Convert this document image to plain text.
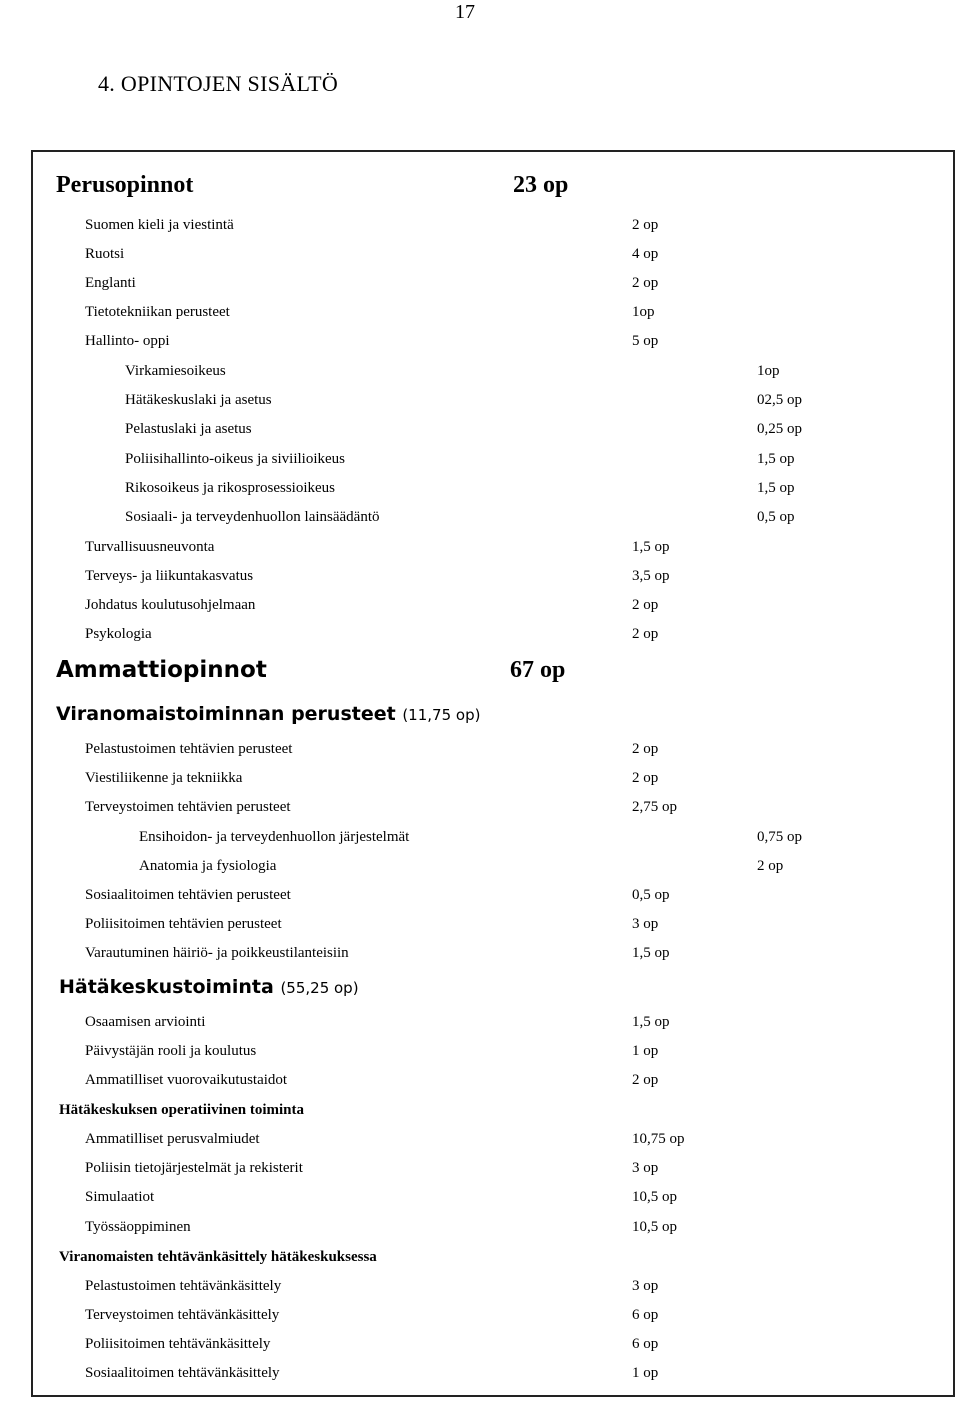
17
4. OPINTOJEN SISÄLTÖ
Perusopinnot	23 op
Suomen kieli ja viestintä	2 op
Ruotsi	4 op
Englanti	2 op
Tietotekniikan perusteet	1op
Hallinto- oppi	5 op
Virkamiesoikeus	1op
Hätäkeskuslaki ja asetus	02,5 op
Pelastuslaki ja asetus	0,25 op
Poliisihallinto-oikeus ja siviilioikeus	1,5 op
Rikosoikeus ja rikosprosessioikeus	1,5 op
Sosiaali- ja terveydenhuollon lainsäädäntö	0,5 op
Turvallisuusneuvonta	1,5 op
Terveys- ja liikuntakasvatus	3,5 op
Johdatus koulutusohjelmaan	2 op
Psykologia	2 op
Ammattiopinnot	67 op
Viranomaistoiminnan perusteet (11,75 op)
Pelastustoimen tehtävien perusteet	2 op
Viestiliikenne ja tekniikka	2 op
Terveystoimen tehtävien perusteet	2,75 op
Ensihoidon- ja terveydenhuollon järjestelmät	0,75 op
Anatomia ja fysiologia	2 op
Sosiaalitoimen tehtävien perusteet	0,5 op
Poliisitoimen tehtävien perusteet	3 op
Varautuminen häiriö- ja poikkeustilanteisiin	1,5 op
Hätäkeskustoiminta (55,25 op)
Osaamisen arviointi	1,5 op
Päivystäjän rooli ja koulutus	1 op
Ammatilliset vuorovaikutustaidot	2 op
Hätäkeskuksen operatiivinen toiminta
Ammatilliset perusvalmiudet	10,75 op
Poliisin tietojärjestelmät ja rekisterit	3 op
Simulaatiot	10,5 op
Työssäoppiminen	10,5 op
Viranomaisten tehtävänkäsittely hätäkeskuksessa
Pelastustoimen tehtävänkäsittely	3 op
Terveystoimen tehtävänkäsittely	6 op
Poliisitoimen tehtävänkäsittely	6 op
Sosiaalitoimen tehtävänkäsittely	1 op
